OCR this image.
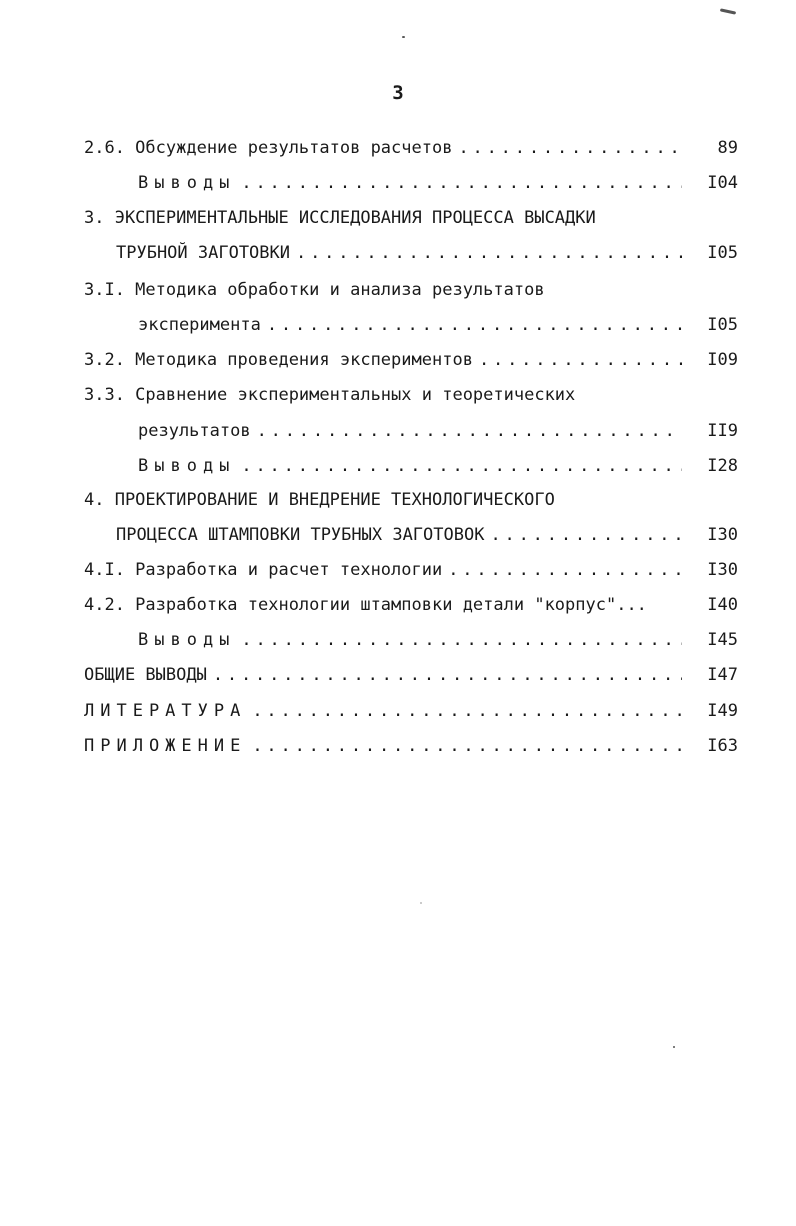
3
2.6. Обсуждение результатов расчетов . . .	89
Выводы . . .	I04
3. ЭКСПЕРИМЕНТАЛЬНЫЕ ИССЛЕДОВАНИЯ ПРОЦЕССА ВЫСАДКИ
ТРУБНОЙ ЗАГОТОВКИ . . .	I05
3.I. Методика обработки и анализа результатов
эксперимента . . .	I05
3.2. Методика проведения экспериментов . . .	I09
3.3. Сравнение экспериментальных и теоретических
результатов . . .	II9
Выводы . . .	I28
4. ПРОЕКТИРОВАНИЕ И ВНЕДРЕНИЕ ТЕХНОЛОГИЧЕСКОГО
ПРОЦЕССА ШТАМПОВКИ ТРУБНЫХ ЗАГОТОВОК . . .	I30
4.I. Разработка и расчет технологии . . .	I30
4.2. Разработка технологии штамповки детали "корпус"...	I40
Выводы . . .	I45
ОБЩИЕ ВЫВОДЫ . . .	I47
ЛИТЕРАТУРА . . .	I49
ПРИЛОЖЕНИЕ . . .	I63
